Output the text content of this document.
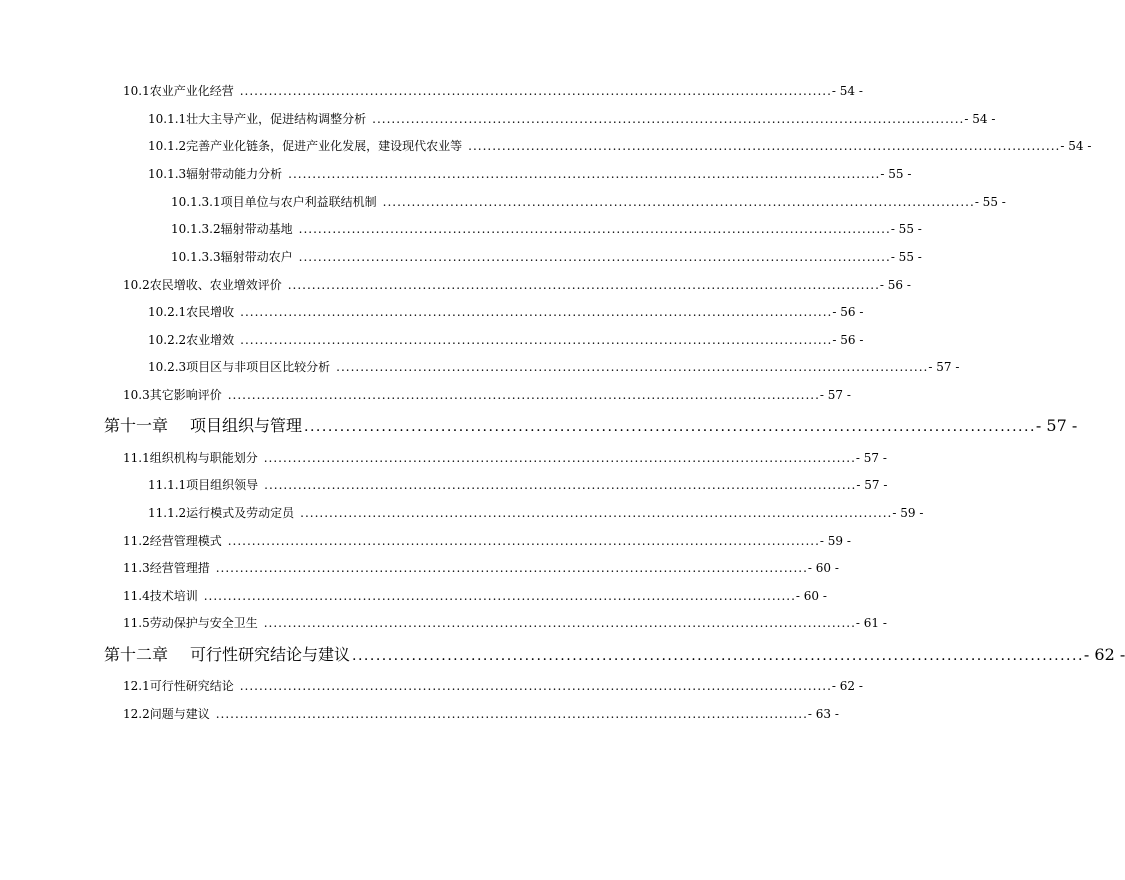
10.1农业产业化经营 ........................................................................................................................... - 54 -
10.1.1壮大主导产业，促进结构调整分析 ........................................................................................................................... - 54 -
10.1.2完善产业化链条，促进产业化发展，建设现代农业等 ........................................................................................................................... - 54 -
10.1.3辐射带动能力分析 ........................................................................................................................... - 55 -
10.1.3.1项目单位与农户利益联结机制 ........................................................................................................................... - 55 -
10.1.3.2辐射带动基地 ........................................................................................................................... - 55 -
10.1.3.3辐射带动农户 ........................................................................................................................... - 55 -
10.2农民增收、农业增效评价 ........................................................................................................................... - 56 -
10.2.1农民增收 ........................................................................................................................... - 56 -
10.2.2农业增效 ........................................................................................................................... - 56 -
10.2.3项目区与非项目区比较分析 ........................................................................................................................... - 57 -
10.3其它影响评价 ........................................................................................................................... - 57 -
第十一章 项目组织与管理 ........................................................................................................................... - 57 -
11.1组织机构与职能划分 ........................................................................................................................... - 57 -
11.1.1项目组织领导 ........................................................................................................................... - 57 -
11.1.2运行模式及劳动定员 ........................................................................................................................... - 59 -
11.2经营管理模式 ........................................................................................................................... - 59 -
11.3经营管理措 ........................................................................................................................... - 60 -
11.4技术培训 ........................................................................................................................... - 60 -
11.5劳动保护与安全卫生 ........................................................................................................................... - 61 -
第十二章 可行性研究结论与建议 ........................................................................................................................... - 62 -
12.1可行性研究结论 ........................................................................................................................... - 62 -
12.2问题与建议 ........................................................................................................................... - 63 -
